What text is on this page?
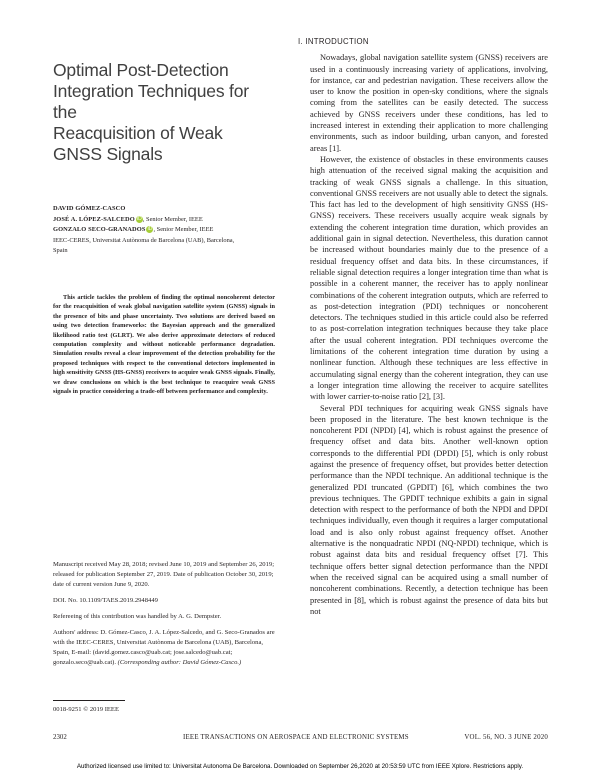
Optimal Post-Detection
Integration Techniques for the
Reacquisition of Weak
GNSS Signals
DAVID GÓMEZ-CASCO
JOSÉ A. LÓPEZ-SALCEDO iD, Senior Member, IEEE
GONZALO SECO-GRANADOS iD, Senior Member, IEEE
IEEC-CERES, Universitat Autònoma de Barcelona (UAB), Barcelona,
Spain

This article tackles the problem of finding the optimal noncoherent detector for the reacquisition of weak global navigation satellite system (GNSS) signals in the presence of bits and phase uncertainty. Two solutions are derived based on using two detection frameworks: the Bayesian approach and the generalized likelihood ratio test (GLRT). We also derive approximate detectors of reduced computation complexity and without noticeable performance degradation. Simulation results reveal a clear improvement of the detection probability for the proposed techniques with respect to the conventional detectors implemented in high sensitivity GNSS (HS-GNSS) receivers to acquire weak GNSS signals. Finally, we draw conclusions on which is the best technique to reacquire weak GNSS signals in practice considering a trade-off between performance and complexity.

Manuscript received May 28, 2018; revised June 10, 2019 and September 26, 2019; released for publication September 27, 2019. Date of publication October 30, 2019; date of current version June 9, 2020.

DOI. No. 10.1109/TAES.2019.2948449

Refereeing of this contribution was handled by A. G. Dempster.

Authors' address: D. Gómez-Casco, J. A. López-Salcedo, and G. Seco-Granados are with the IEEC-CERES, Universitat Autònoma de Barcelona (UAB), Barcelona, Spain, E-mail: (david.gomez.casco@uab.cat; jose.salcedo@uab.cat; gonzalo.seco@uab.cat). (Corresponding author: David Gómez-Casco.)

0018-9251 © 2019 IEEE
I. INTRODUCTION

Nowadays, global navigation satellite system (GNSS) receivers are used in a continuously increasing variety of applications, involving, for instance, car and pedestrian navigation. These receivers allow the user to know the position in open-sky conditions, where the signals coming from the satellites can be easily detected. The success achieved by GNSS receivers under these conditions, has led to increased interest in extending their application to more challenging environments, such as indoor building, urban canyon, and forested areas [1].

However, the existence of obstacles in these environments causes high attenuation of the received signal making the acquisition and tracking of weak GNSS signals a challenge. In this situation, conventional GNSS receivers are not usually able to detect the signals. This fact has led to the development of high sensitivity GNSS (HS-GNSS) receivers. These receivers usually acquire weak signals by extending the coherent integration time duration, which provides an additional gain in signal detection. Nevertheless, this duration cannot be increased without boundaries mainly due to the presence of a residual frequency offset and data bits. In these circumstances, if reliable signal detection requires a longer integration time than what is possible in a coherent manner, the receiver has to apply nonlinear combinations of the coherent integration outputs, which are referred to as post-detection integration (PDI) techniques or noncoherent detectors. The techniques studied in this article could also be referred to as post-correlation integration techniques because they take place after the usual coherent integration. PDI techniques overcome the limitations of the coherent integration time duration by using a nonlinear function. Although these techniques are less effective in accumulating signal energy than the coherent integration, they can use a longer integration time allowing the receiver to acquire satellites with lower carrier-to-noise ratio [2], [3].

Several PDI techniques for acquiring weak GNSS signals have been proposed in the literature. The best known technique is the noncoherent PDI (NPDI) [4], which is robust against the presence of frequency offset and data bits. Another well-known option corresponds to the differential PDI (DPDI) [5], which is only robust against the presence of frequency offset, but provides better detection performance than the NPDI technique. An additional technique is the generalized PDI truncated (GPDIT) [6], which combines the two previous techniques. The GPDIT technique exhibits a gain in signal detection with respect to the performance of both the NPDI and DPDI techniques individually, even though it requires a larger computational load and is also only robust against frequency offset. Another alternative is the nonquadratic NPDI (NQ-NPDI) technique, which is robust against data bits and residual frequency offset [7]. This technique offers better signal detection performance than the NPDI when the received signal can be acquired using a small number of noncoherent combinations. Recently, a detection technique has been presented in [8], which is robust against the presence of data bits but not

2302	IEEE TRANSACTIONS ON AEROSPACE AND ELECTRONIC SYSTEMS	VOL. 56, NO. 3 JUNE 2020
Authorized licensed use limited to: Universitat Autonoma De Barcelona. Downloaded on September 26,2020 at 20:53:59 UTC from IEEE Xplore. Restrictions apply.
